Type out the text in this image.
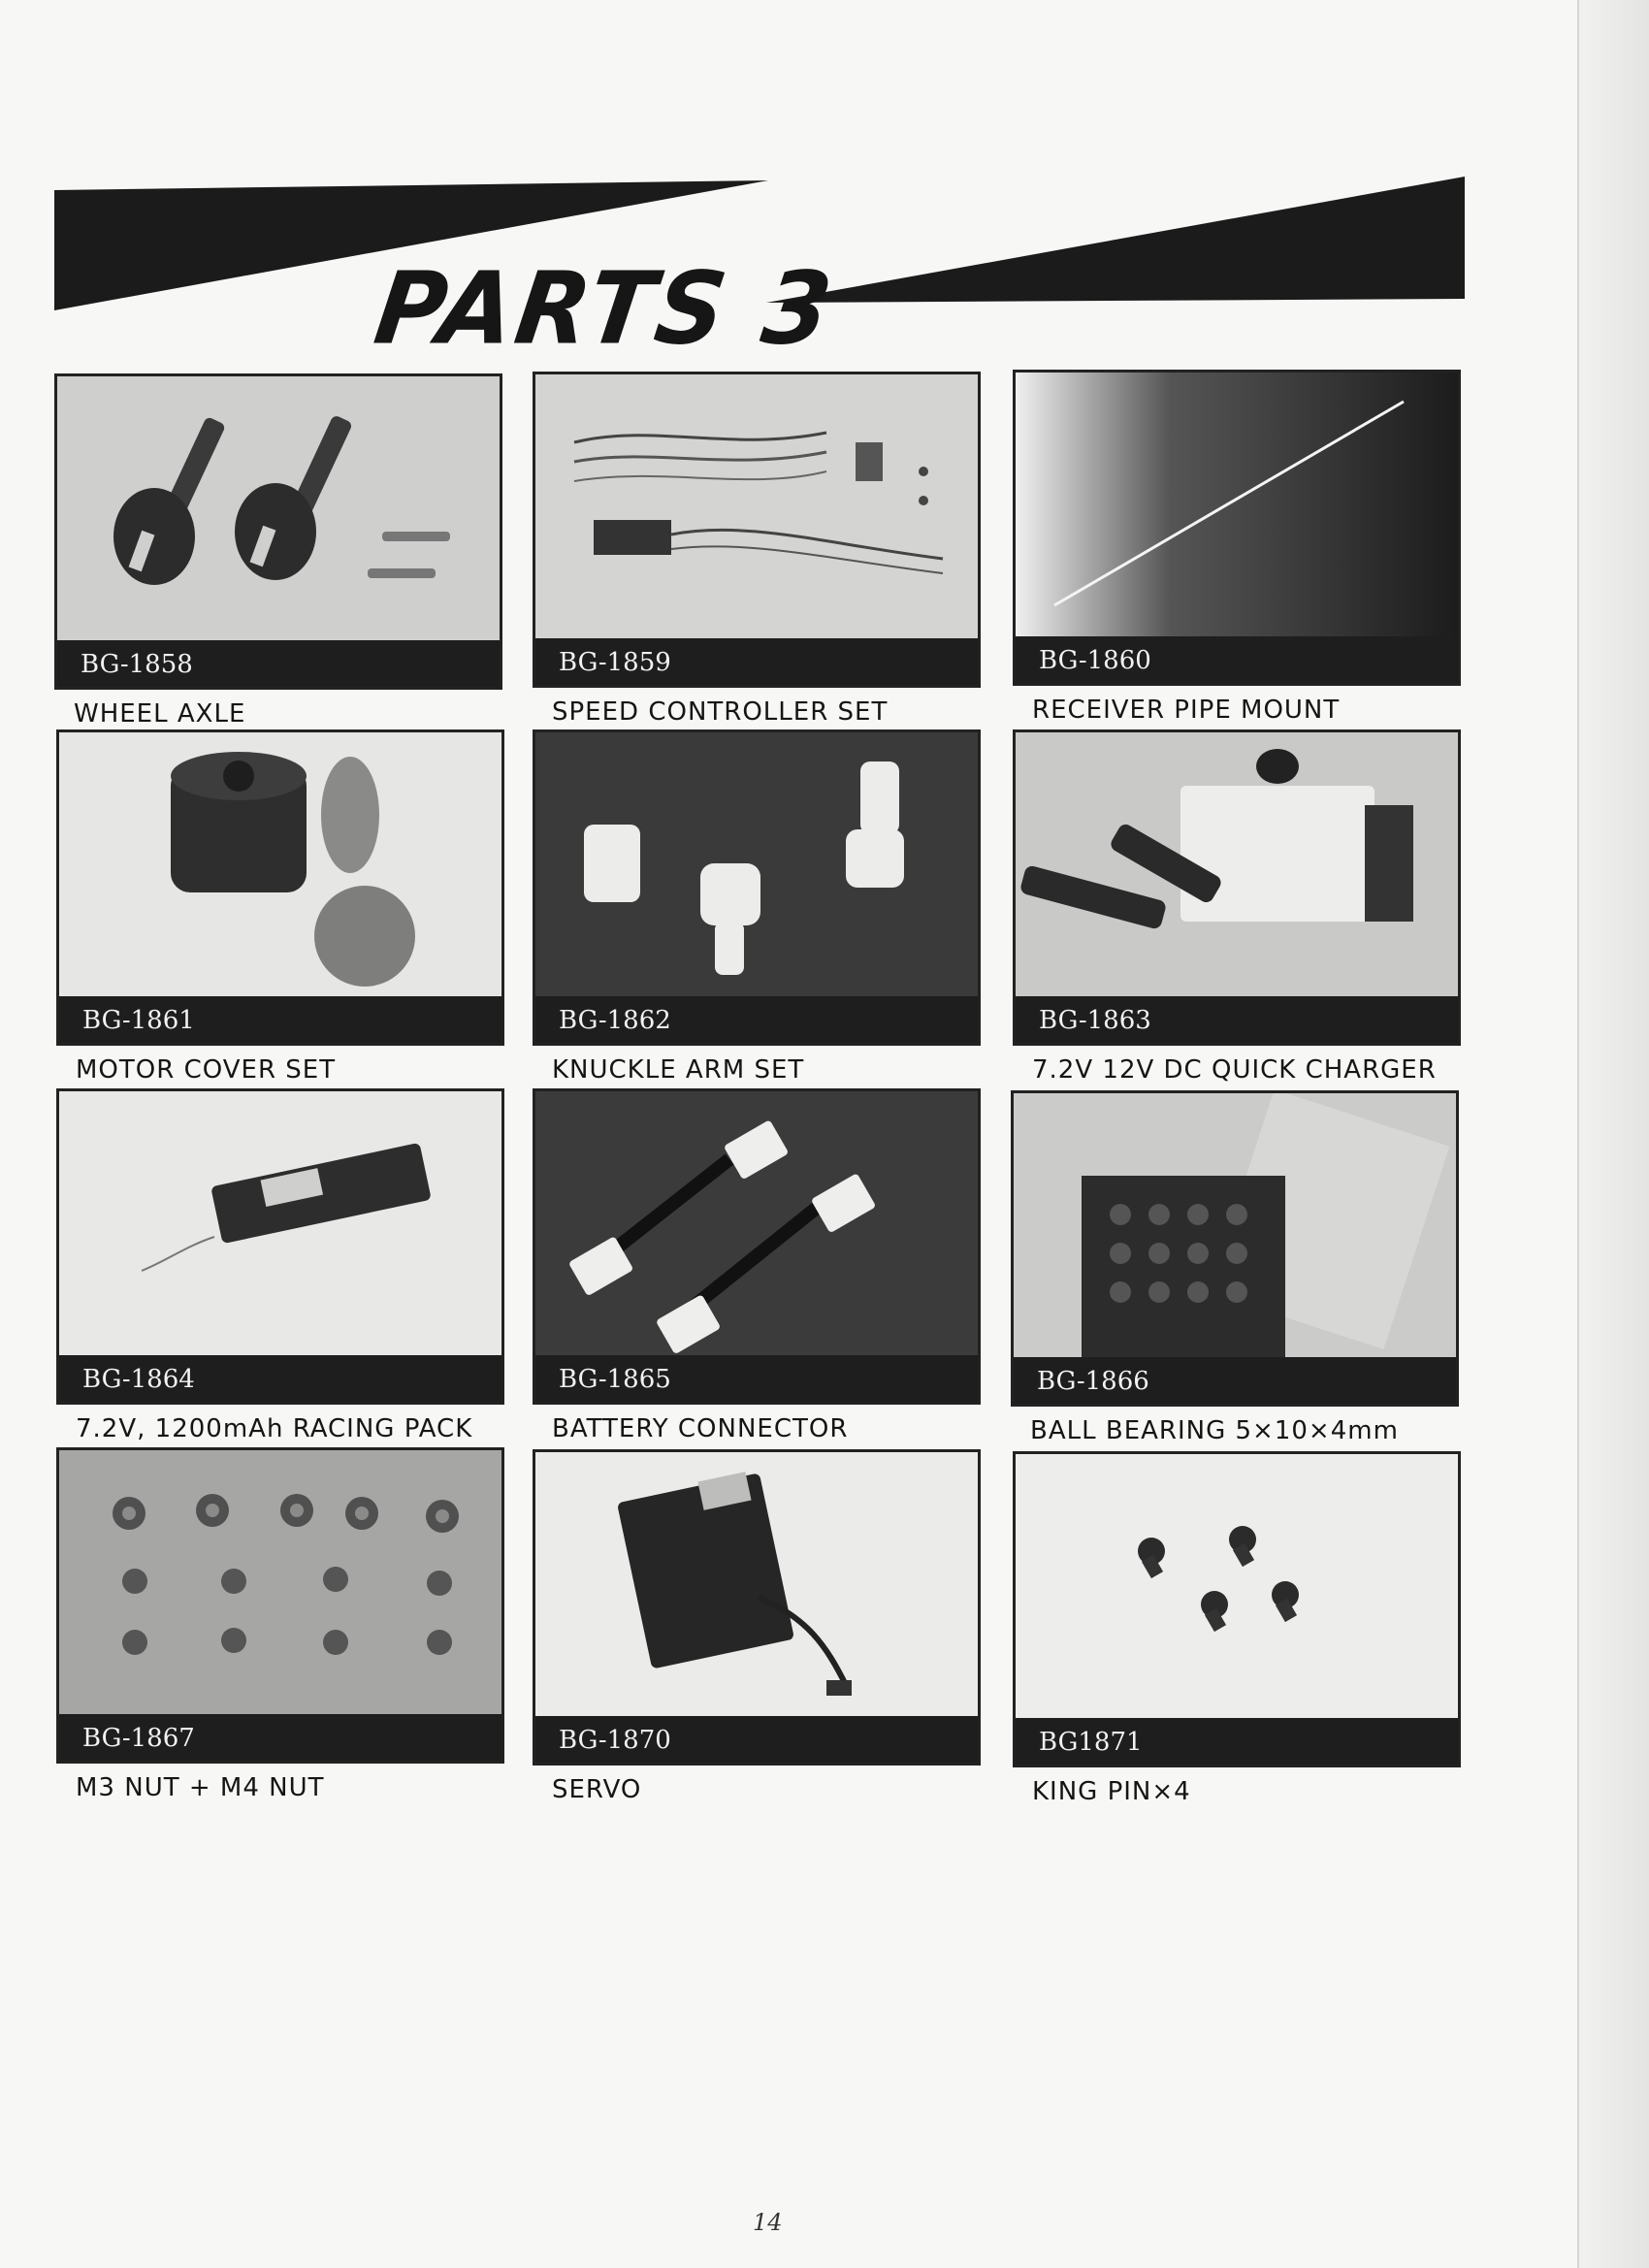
PARTS 3
BG-1858
WHEEL AXLE
BG-1859
SPEED CONTROLLER SET
BG-1860
RECEIVER PIPE MOUNT
BG-1861
MOTOR COVER SET
BG-1862
KNUCKLE ARM SET
BG-1863
7.2V 12V DC QUICK CHARGER
BG-1864
7.2V, 1200mAh RACING PACK
BG-1865
BATTERY CONNECTOR
BG-1866
BALL BEARING 5×10×4mm
BG-1867
M3 NUT + M4 NUT
BG-1870
SERVO
BG1871
KING PIN×4
14
